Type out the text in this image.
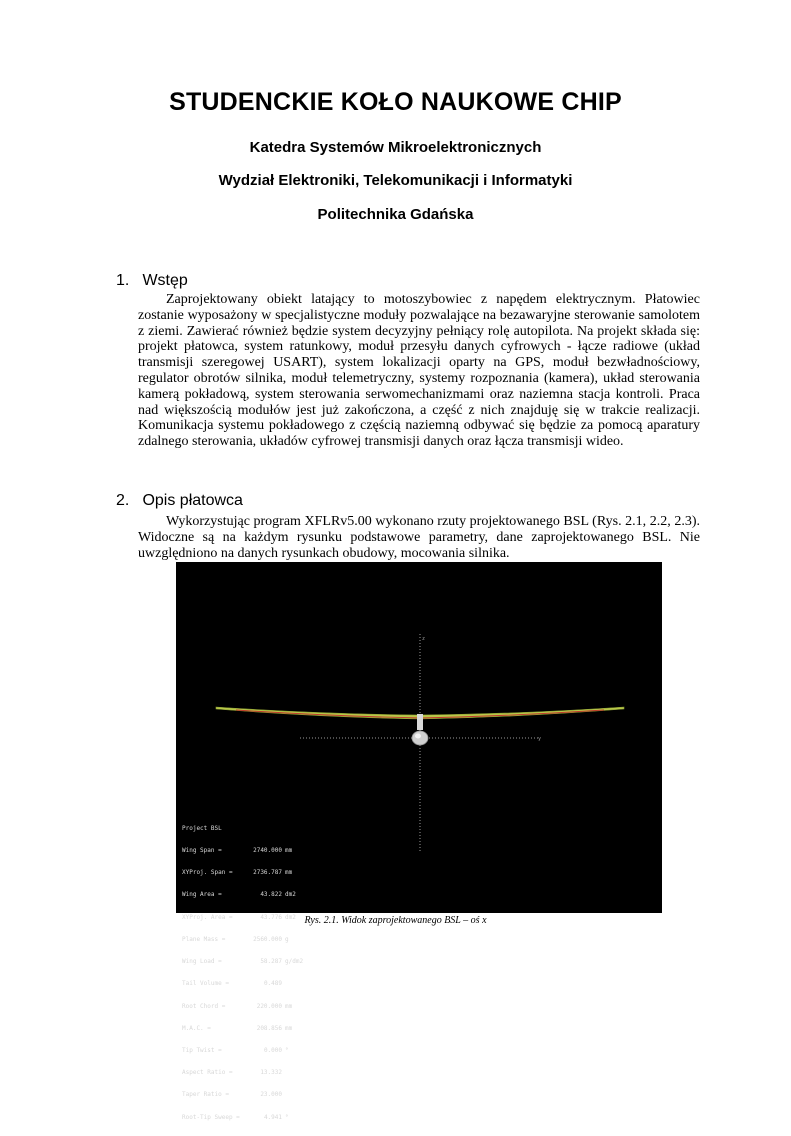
STUDENCKIE KOŁO NAUKOWE CHIP
Katedra Systemów Mikroelektronicznych
Wydział Elektroniki, Telekomunikacji i Informatyki
Politechnika Gdańska
1. Wstęp
Zaprojektowany obiekt latający to motoszybowiec z napędem elektrycznym. Płatowiec zostanie wyposażony w specjalistyczne moduły pozwalające na bezawaryjne sterowanie samolotem z ziemi. Zawierać również będzie system decyzyjny pełniący rolę autopilota. Na projekt składa się: projekt płatowca, system ratunkowy, moduł przesyłu danych cyfrowych - łącze radiowe (układ transmisji szeregowej USART), system lokalizacji oparty na GPS, moduł bezwładnościowy, regulator obrotów silnika, moduł telemetryczny, systemy rozpoznania (kamera), układ sterowania kamerą pokładową, system sterowania serwomechanizmami oraz naziemna stacja kontroli. Praca nad większością modułów jest już zakończona, a część z nich znajduję się w trakcie realizacji. Komunikacja systemu pokładowego z częścią naziemną odbywać się będzie za pomocą aparatury zdalnego sterowania, układów cyfrowej transmisji danych oraz łącza transmisji wideo.
2. Opis płatowca
Wykorzystując program XFLRv5.00 wykonano rzuty projektowanego BSL (Rys. 2.1, 2.2, 2.3). Widoczne są na każdym rysunku podstawowe parametry, dane zaprojektowanego BSL. Nie uwzględniono na danych rysunkach obudowy, mocowania silnika.
z
y

Project BSL

Wing Span =	2740.000 mm

XYProj. Span =	2736.787 mm

Wing Area =	43.822 dm2

XYProj. Area =	43.776 dm2

Plane Mass =	2560.000 g

Wing Load =	58.287 g/dm2

Tail Volume =	0.489

Root Chord =	220.000 mm

M.A.C. =	208.856 mm

Tip Twist =	0.000 °

Aspect Ratio =	13.332

Taper Ratio =	23.000

Root-Tip Sweep =	4.941 °

Rys. 2.1. Widok zaprojektowanego BSL – oś x
